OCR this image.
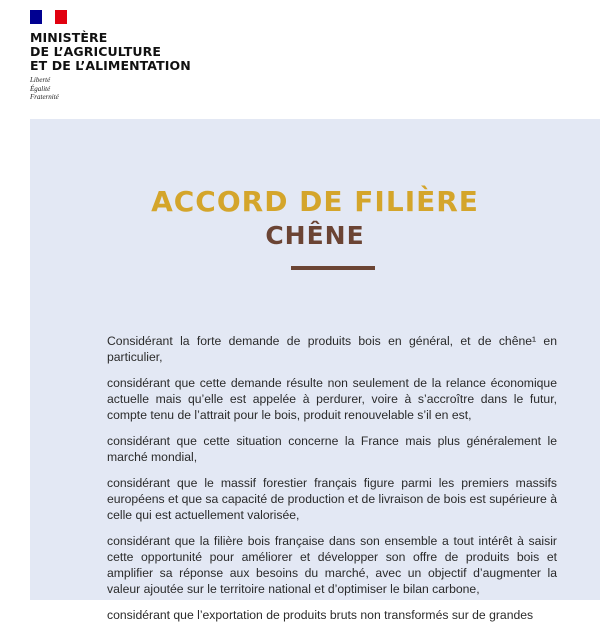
MINISTÈRE
DE L’AGRICULTURE
ET DE L’ALIMENTATION
Liberté
Égalité
Fraternité
ACCORD DE FILIÈRE
CHÊNE

Considérant la forte demande de produits bois en général, et de chêne¹ en particulier,

considérant que cette demande résulte non seulement de la relance économique actuelle mais qu’elle est appelée à perdurer, voire à s’accroître dans le futur, compte tenu de l’attrait pour le bois, produit renouvelable s’il en est,

considérant que cette situation concerne la France mais plus généralement le marché mondial,

considérant que le massif forestier français figure parmi les premiers massifs européens et que sa capacité de production et de livraison de bois est supérieure à celle qui est actuellement valorisée,

considérant que la filière bois française dans son ensemble a tout intérêt à saisir cette opportunité pour améliorer et développer son offre de produits bois et amplifier sa réponse aux besoins du marché, avec un objectif d’augmenter la valeur ajoutée sur le territoire national et d’optimiser le bilan carbone,

considérant que l’exportation de produits bruts non transformés sur de grandes
